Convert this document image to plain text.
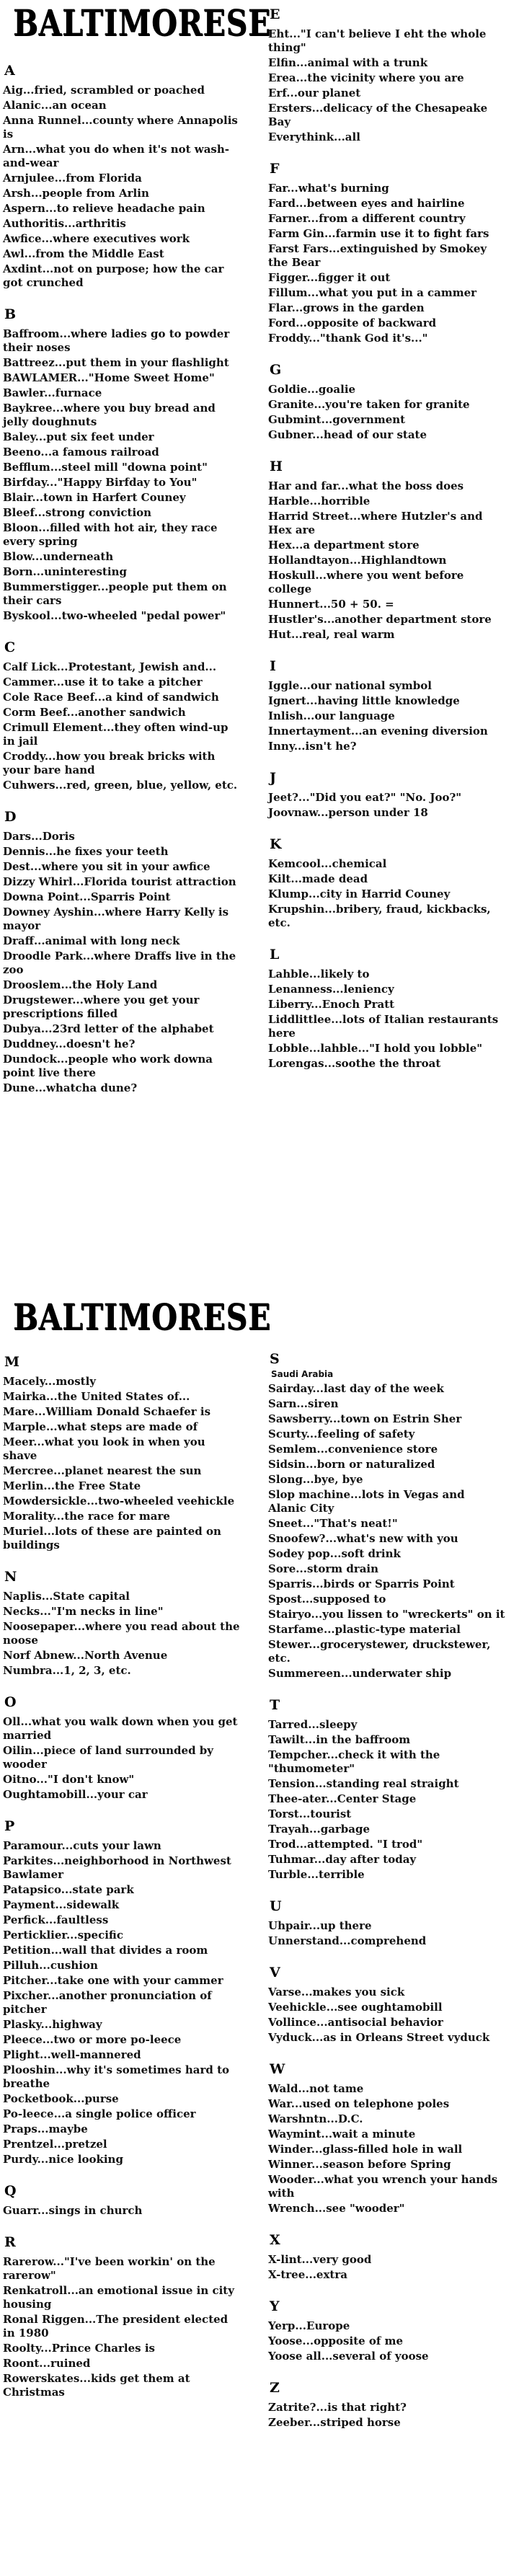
BALTIMORESE
A
Aig...fried, scrambled or poached
Alanic...an ocean
Anna Runnel...county where Annapolis is
Arn...what you do when it's not wash-and-wear
Arnjulee...from Florida
Arsh...people from Arlin
Aspern...to relieve headache pain
Authoritis...arthritis
Awfice...where executives work
Awl...from the Middle East
Axdint...not on purpose; how the car got crunched
B
Baffroom...where ladies go to powder their noses
Battreez...put them in your flashlight
BAWLAMER..."Home Sweet Home"
Bawler...furnace
Baykree...where you buy bread and jelly doughnuts
Baley...put six feet under
Beeno...a famous railroad
Befflum...steel mill "downa point"
Birfday..."Happy Birfday to You"
Blair...town in Harfert Couney
Bleef...strong conviction
Bloon...filled with hot air, they race every spring
Blow...underneath
Born...uninteresting
Bummerstigger...people put them on their cars
Byskool...two-wheeled "pedal power"
C
Calf Lick...Protestant, Jewish and...
Cammer...use it to take a pitcher
Cole Race Beef...a kind of sandwich
Corm Beef...another sandwich
Crimull Element...they often wind-up in jail
Croddy...how you break bricks with your bare hand
Cuhwers...red, green, blue, yellow, etc.
D
Dars...Doris
Dennis...he fixes your teeth
Dest...where you sit in your awfice
Dizzy Whirl...Florida tourist attraction
Downa Point...Sparris Point
Downey Ayshin...where Harry Kelly is mayor
Draff...animal with long neck
Droodle Park...where Draffs live in the zoo
Drooslem...the Holy Land
Drugstewer...where you get your prescriptions filled
Dubya...23rd letter of the alphabet
Duddney...doesn't he?
Dundock...people who work downa point live there
Dune...whatcha dune?
E
Eht..."I can't believe I eht the whole thing"
Elfin...animal with a trunk
Erea...the vicinity where you are
Erf...our planet
Ersters...delicacy of the Chesapeake Bay
Everythink...all
F
Far...what's burning
Fard...between eyes and hairline
Farner...from a different country
Farm Gin...farmin use it to fight fars
Farst Fars...extinguished by Smokey the Bear
Figger...figger it out
Fillum...what you put in a cammer
Flar...grows in the garden
Ford...opposite of backward
Froddy..."thank God it's..."
G
Goldie...goalie
Granite...you're taken for granite
Gubmint...government
Gubner...head of our state
H
Har and far...what the boss does
Harble...horrible
Harrid Street...where Hutzler's and Hex are
Hex...a department store
Hollandtayon...Highlandtown
Hoskull...where you went before college
Hunnert...50 + 50. =
Hustler's...another department store
Hut...real, real warm
I
Iggle...our national symbol
Ignert...having little knowledge
Inlish...our language
Innertayment...an evening diversion
Inny...isn't he?
J
Jeet?..."Did you eat?" "No. Joo?"
Joovnaw...person under 18
K
Kemcool...chemical
Kilt...made dead
Klump...city in Harrid Couney
Krupshin...bribery, fraud, kickbacks, etc.
L
Lahble...likely to
Lenanness...leniency
Liberry...Enoch Pratt
Liddlittlee...lots of Italian restaurants here
Lobble...lahble..."I hold you lobble"
Lorengas...soothe the throat
BALTIMORESE
M
Macely...mostly
Mairka...the United States of...
Mare...William Donald Schaefer is
Marple...what steps are made of
Meer...what you look in when you shave
Mercree...planet nearest the sun
Merlin...the Free State
Mowdersickle...two-wheeled veehickle
Morality...the race for mare
Muriel...lots of these are painted on buildings
N
Naplis...State capital
Necks..."I'm necks in line"
Noosepaper...where you read about the noose
Norf Abnew...North Avenue
Numbra...1, 2, 3, etc.
O
Oll...what you walk down when you get married
Oilin...piece of land surrounded by wooder
Oitno..."I don't know"
Oughtamobill...your car
P
Paramour...cuts your lawn
Parkites...neighborhood in Northwest Bawlamer
Patapsico...state park
Payment...sidewalk
Perfick...faultless
Perticklier...specific
Petition...wall that divides a room
Pilluh...cushion
Pitcher...take one with your cammer
Pixcher...another pronunciation of pitcher
Plasky...highway
Pleece...two or more po-leece
Plight...well-mannered
Plooshin...why it's sometimes hard to breathe
Pocketbook...purse
Po-leece...a single police officer
Praps...maybe
Prentzel...pretzel
Purdy...nice looking
Q
Guarr...sings in church
R
Rarerow..."I've been workin' on the rarerow"
Renkatroll...an emotional issue in city housing
Ronal Riggen...The president elected in 1980
Roolty...Prince Charles is
Roont...ruined
Rowerskates...kids get them at Christmas
S
Saudi Arabia
Sairday...last day of the week
Sarn...siren
Sawsberry...town on Estrin Sher
Scurty...feeling of safety
Semlem...convenience store
Sidsin...born or naturalized
Slong...bye, bye
Slop machine...lots in Vegas and Alanic City
Sneet..."That's neat!"
Snoofew?...what's new with you
Sodey pop...soft drink
Sore...storm drain
Sparris...birds or Sparris Point
Spost...supposed to
Stairyo...you lissen to "wreckerts" on it
Starfame...plastic-type material
Stewer...grocerystewer, druckstewer, etc.
Summereen...underwater ship
T
Tarred...sleepy
Tawilt...in the baffroom
Tempcher...check it with the "thumometer"
Tension...standing real straight
Thee-ater...Center Stage
Torst...tourist
Trayah...garbage
Trod...attempted. "I trod"
Tuhmar...day after today
Turble...terrible
U
Uhpair...up there
Unnerstand...comprehend
V
Varse...makes you sick
Veehickle...see oughtamobill
Vollince...antisocial behavior
Vyduck...as in Orleans Street vyduck
W
Wald...not tame
War...used on telephone poles
Warshntn...D.C.
Waymint...wait a minute
Winder...glass-filled hole in wall
Winner...season before Spring
Wooder...what you wrench your hands with
Wrench...see "wooder"
X
X-lint...very good
X-tree...extra
Y
Yerp...Europe
Yoose...opposite of me
Yoose all...several of yoose
Z
Zatrite?...is that right?
Zeeber...striped horse
